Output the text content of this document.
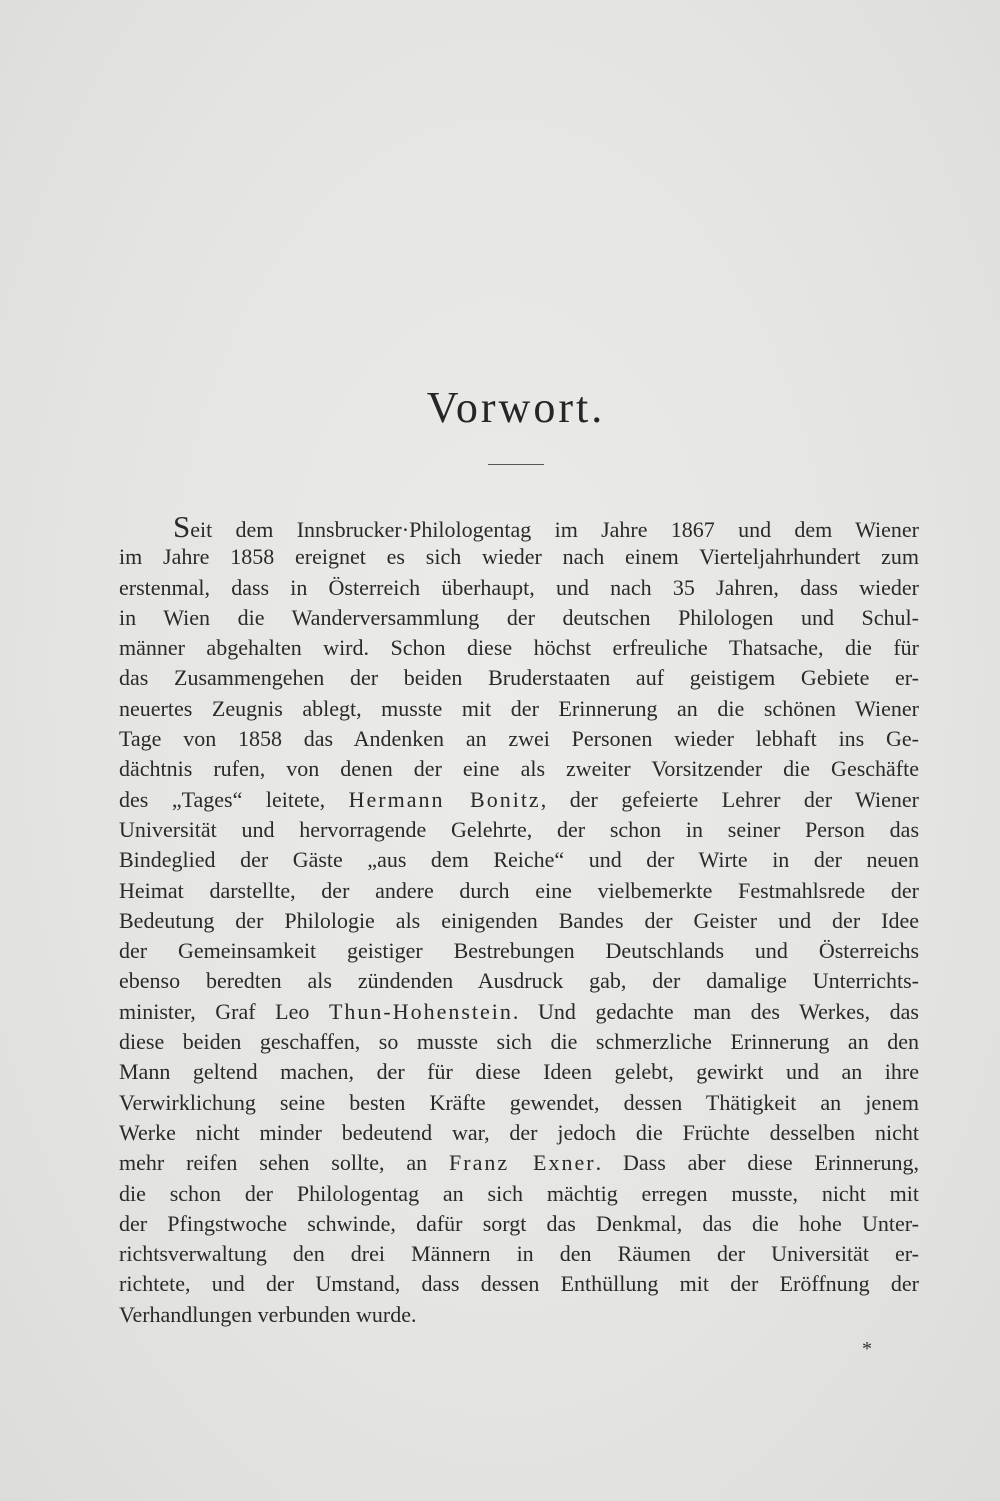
Vorwort.
Seit dem Innsbrucker·Philologentag im Jahre 1867 und dem Wiener
im Jahre 1858 ereignet es sich wieder nach einem Vierteljahrhundert zum
erstenmal, dass in Österreich überhaupt, und nach 35 Jahren, dass wieder
in Wien die Wanderversammlung der deutschen Philologen und Schul-
männer abgehalten wird. Schon diese höchst erfreuliche Thatsache, die für
das Zusammengehen der beiden Bruderstaaten auf geistigem Gebiete er-
neuertes Zeugnis ablegt, musste mit der Erinnerung an die schönen Wiener
Tage von 1858 das Andenken an zwei Personen wieder lebhaft ins Ge-
dächtnis rufen, von denen der eine als zweiter Vorsitzender die Geschäfte
des „Tages“ leitete, Hermann Bonitz, der gefeierte Lehrer der Wiener
Universität und hervorragende Gelehrte, der schon in seiner Person das
Bindeglied der Gäste „aus dem Reiche“ und der Wirte in der neuen
Heimat darstellte, der andere durch eine vielbemerkte Festmahlsrede der
Bedeutung der Philologie als einigenden Bandes der Geister und der Idee
der Gemeinsamkeit geistiger Bestrebungen Deutschlands und Österreichs
ebenso beredten als zündenden Ausdruck gab, der damalige Unterrichts-
minister, Graf Leo Thun-Hohenstein. Und gedachte man des Werkes, das
diese beiden geschaffen, so musste sich die schmerzliche Erinnerung an den
Mann geltend machen, der für diese Ideen gelebt, gewirkt und an ihre
Verwirklichung seine besten Kräfte gewendet, dessen Thätigkeit an jenem
Werke nicht minder bedeutend war, der jedoch die Früchte desselben nicht
mehr reifen sehen sollte, an Franz Exner. Dass aber diese Erinnerung,
die schon der Philologentag an sich mächtig erregen musste, nicht mit
der Pfingstwoche schwinde, dafür sorgt das Denkmal, das die hohe Unter-
richtsverwaltung den drei Männern in den Räumen der Universität er-
richtete, und der Umstand, dass dessen Enthüllung mit der Eröffnung der
Verhandlungen verbunden wurde.
*
